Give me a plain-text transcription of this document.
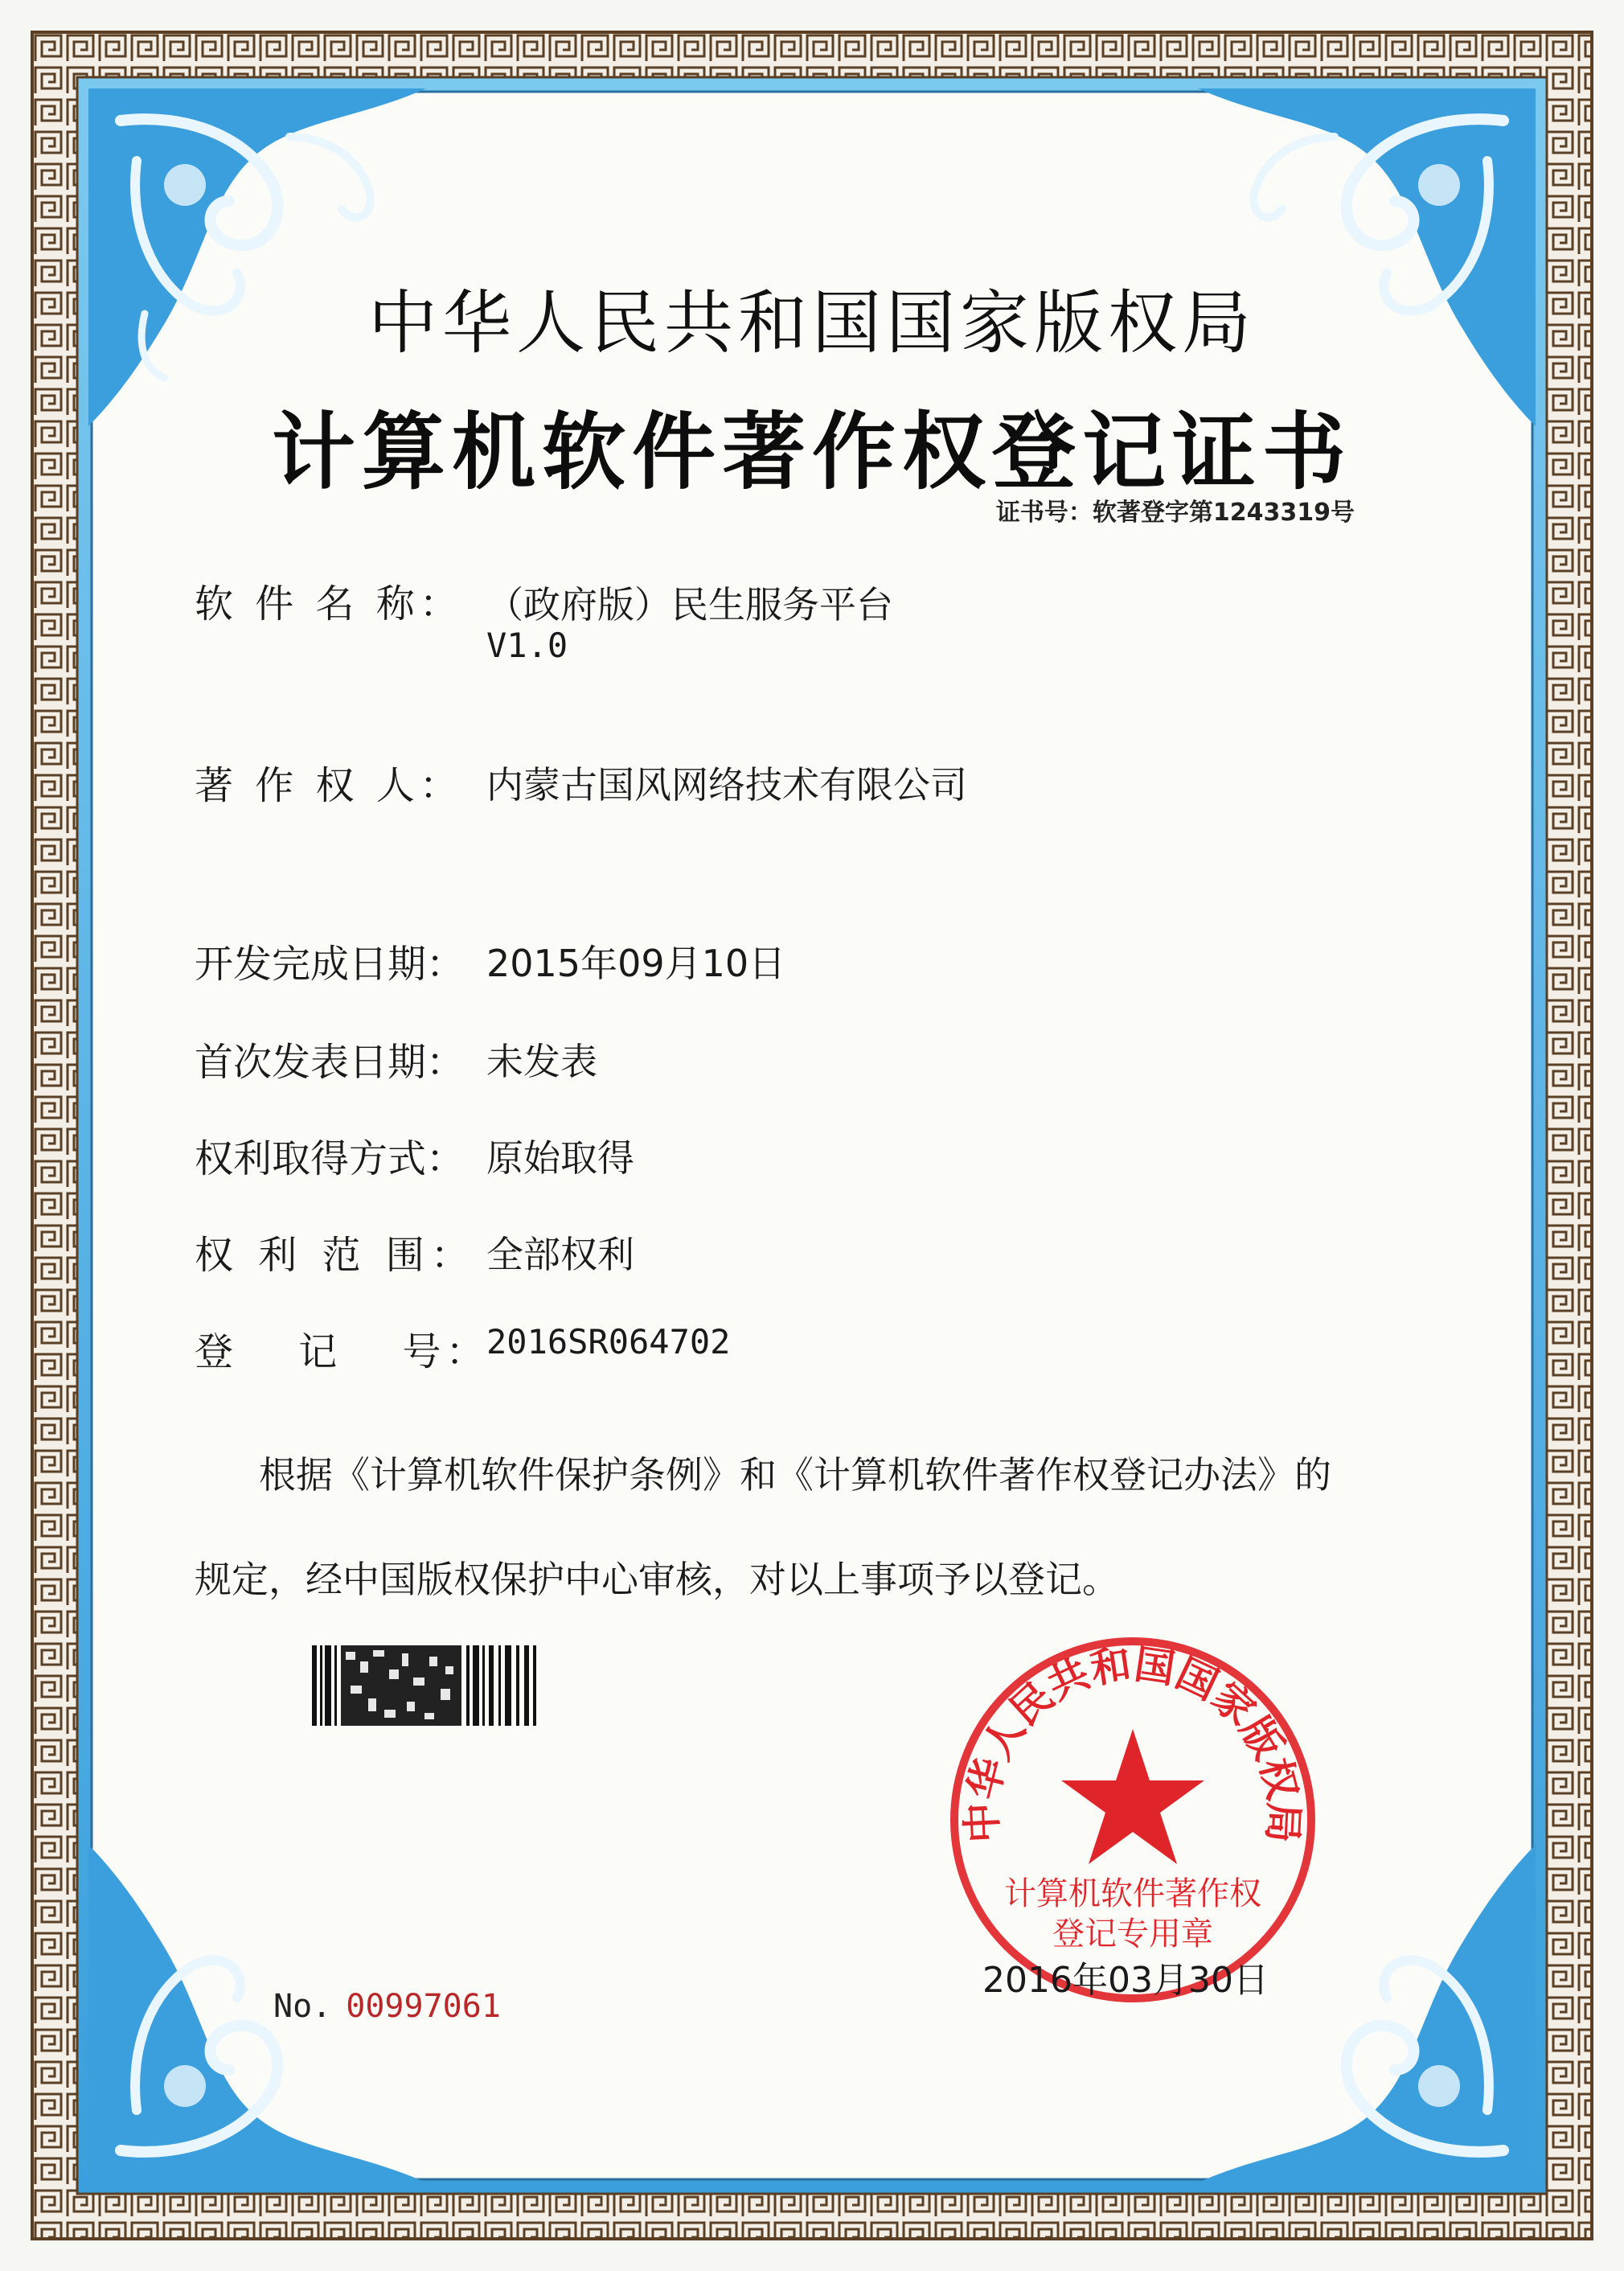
中华人民共和国国家版权局
计算机软件著作权登记证书
证书号：软著登字第1243319号
软 件 名 称： （政府版）民生服务平台
V1.0
著 作 权 人： 内蒙古国风网络技术有限公司
开发完成日期： 2015年09月10日
首次发表日期： 未发表
权利取得方式： 原始取得
权 利 范 围： 全部权利
登　 记　 号：
2016SR064702
根据《计算机软件保护条例》和《计算机软件著作权登记办法》的
规定，经中国版权保护中心审核，对以上事项予以登记。
No. 00997061
中华人民共和国国家版权局
计算机软件著作权
登记专用章
2016年03月30日
